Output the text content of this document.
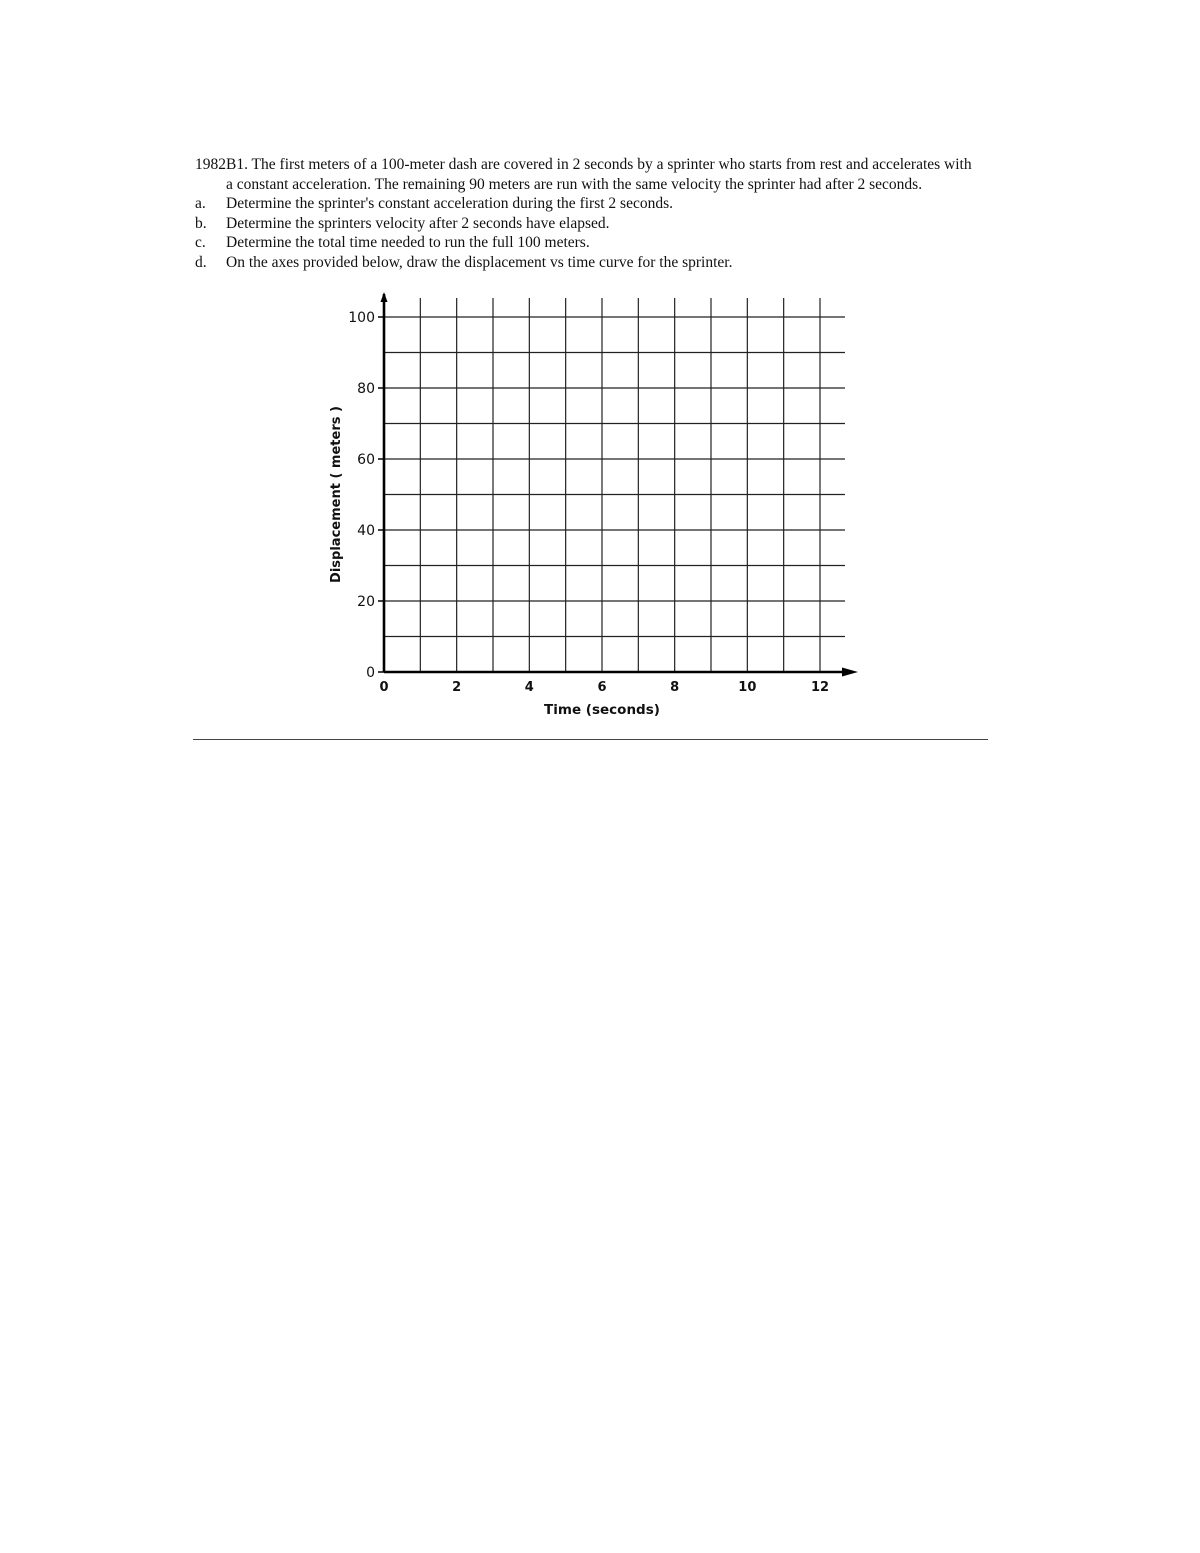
1982B1. The first meters of a 100-meter dash are covered in 2 seconds by a sprinter who starts from rest and accelerates with a constant acceleration. The remaining 90 meters are run with the same velocity the sprinter had after 2 seconds.

a.	Determine the sprinter's constant acceleration during the first 2 seconds.
b.	Determine the sprinters velocity after 2 seconds have elapsed.
c.	Determine the total time needed to run the full 100 meters.
d.	On the axes provided below, draw the displacement vs time curve for the sprinter.
0
20
40
60
80
100
0	2	4	6	8	10	12
Time (seconds)
Displacement ( meters )
